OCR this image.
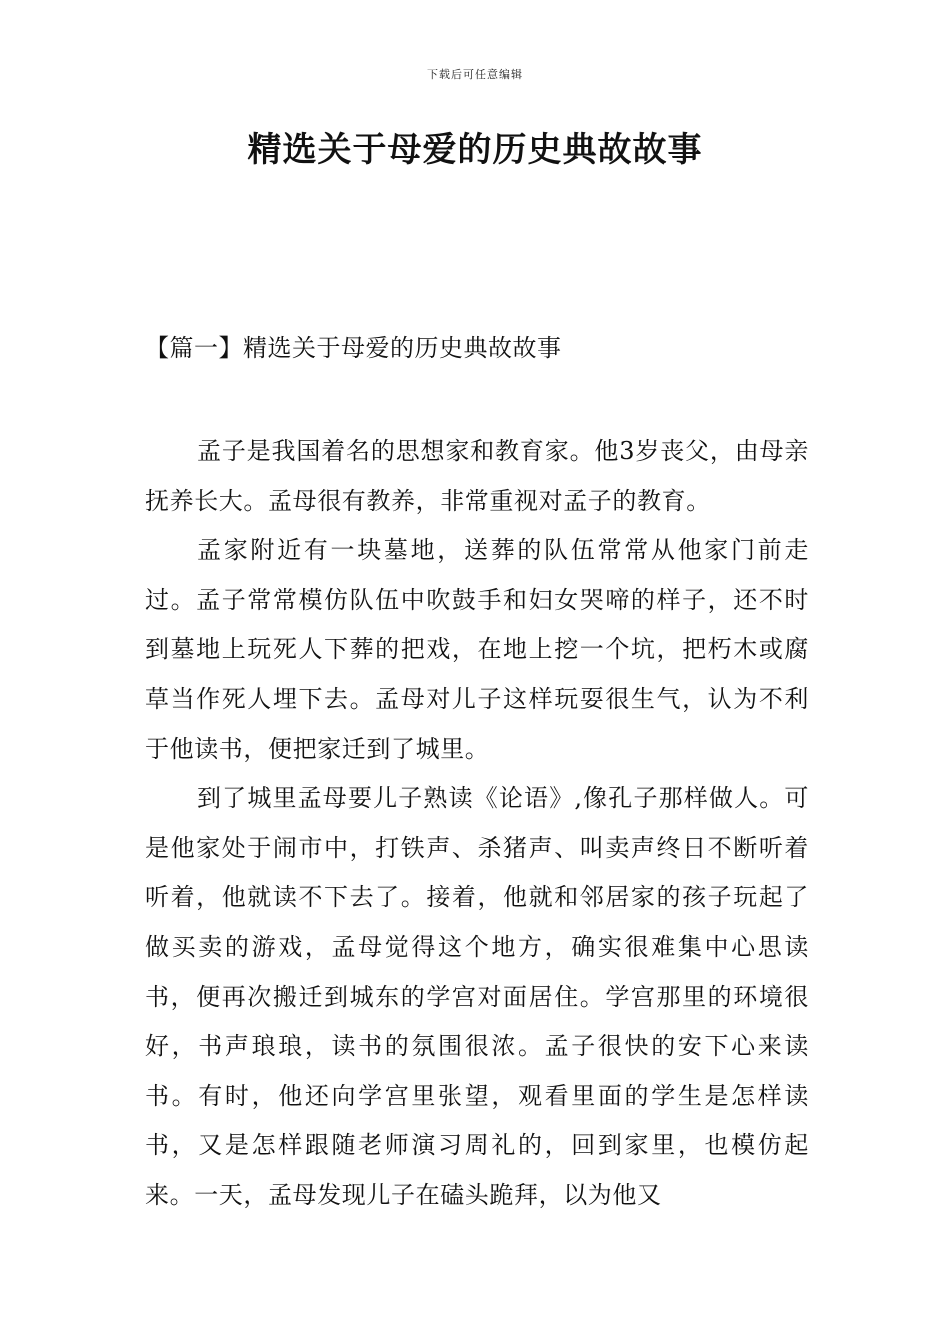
下载后可任意编辑
精选关于母爱的历史典故故事
【篇一】精选关于母爱的历史典故故事

孟子是我国着名的思想家和教育家。他3岁丧父，由母亲抚养长大。孟母很有教养，非常重视对孟子的教育。

孟家附近有一块墓地，送葬的队伍常常从他家门前走过。孟子常常模仿队伍中吹鼓手和妇女哭啼的样子，还不时到墓地上玩死人下葬的把戏，在地上挖一个坑，把朽木或腐草当作死人埋下去。孟母对儿子这样玩耍很生气，认为不利于他读书，便把家迁到了城里。

到了城里孟母要儿子熟读《论语》,像孔子那样做人。可是他家处于闹市中，打铁声、杀猪声、叫卖声终日不断听着听着，他就读不下去了。接着，他就和邻居家的孩子玩起了做买卖的游戏，孟母觉得这个地方，确实很难集中心思读书，便再次搬迁到城东的学宫对面居住。学宫那里的环境很好，书声琅琅，读书的氛围很浓。孟子很快的安下心来读书。有时，他还向学宫里张望，观看里面的学生是怎样读书，又是怎样跟随老师演习周礼的，回到家里，也模仿起来。一天，孟母发现儿子在磕头跪拜，以为他又
